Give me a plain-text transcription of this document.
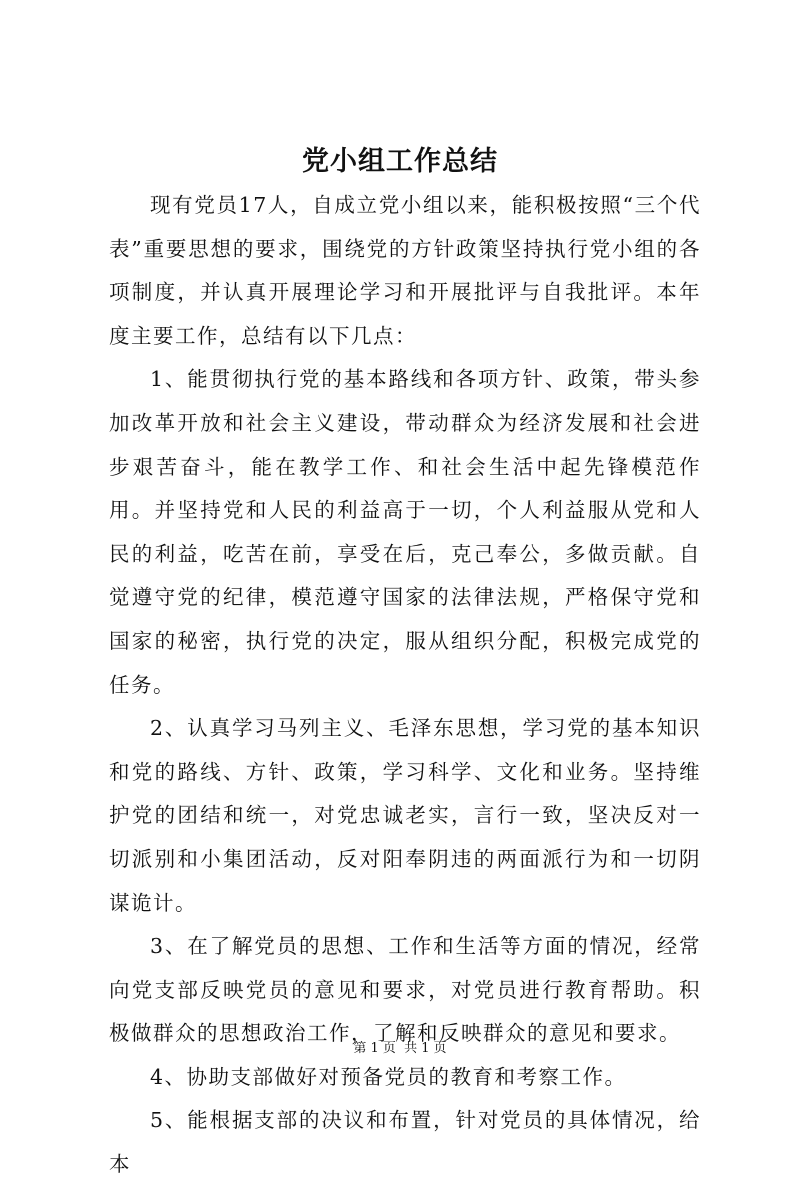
党小组工作总结

现有党员17人，自成立党小组以来，能积极按照“三个代表”重要思想的要求，围绕党的方针政策坚持执行党小组的各项制度，并认真开展理论学习和开展批评与自我批评。本年度主要工作，总结有以下几点：

1、能贯彻执行党的基本路线和各项方针、政策，带头参加改革开放和社会主义建设，带动群众为经济发展和社会进步艰苦奋斗，能在教学工作、和社会生活中起先锋模范作用。并坚持党和人民的利益高于一切，个人利益服从党和人民的利益，吃苦在前，享受在后，克己奉公，多做贡献。自觉遵守党的纪律，模范遵守国家的法律法规，严格保守党和国家的秘密，执行党的决定，服从组织分配，积极完成党的任务。

2、认真学习马列主义、毛泽东思想，学习党的基本知识和党的路线、方针、政策，学习科学、文化和业务。坚持维护党的团结和统一，对党忠诚老实，言行一致，坚决反对一切派别和小集团活动，反对阳奉阴违的两面派行为和一切阴谋诡计。

3、在了解党员的思想、工作和生活等方面的情况，经常向党支部反映党员的意见和要求，对党员进行教育帮助。积极做群众的思想政治工作，了解和反映群众的意见和要求。

4、协助支部做好对预备党员的教育和考察工作。

5、能根据支部的决议和布置，针对党员的具体情况，给本

第 1 页 共 1 页
